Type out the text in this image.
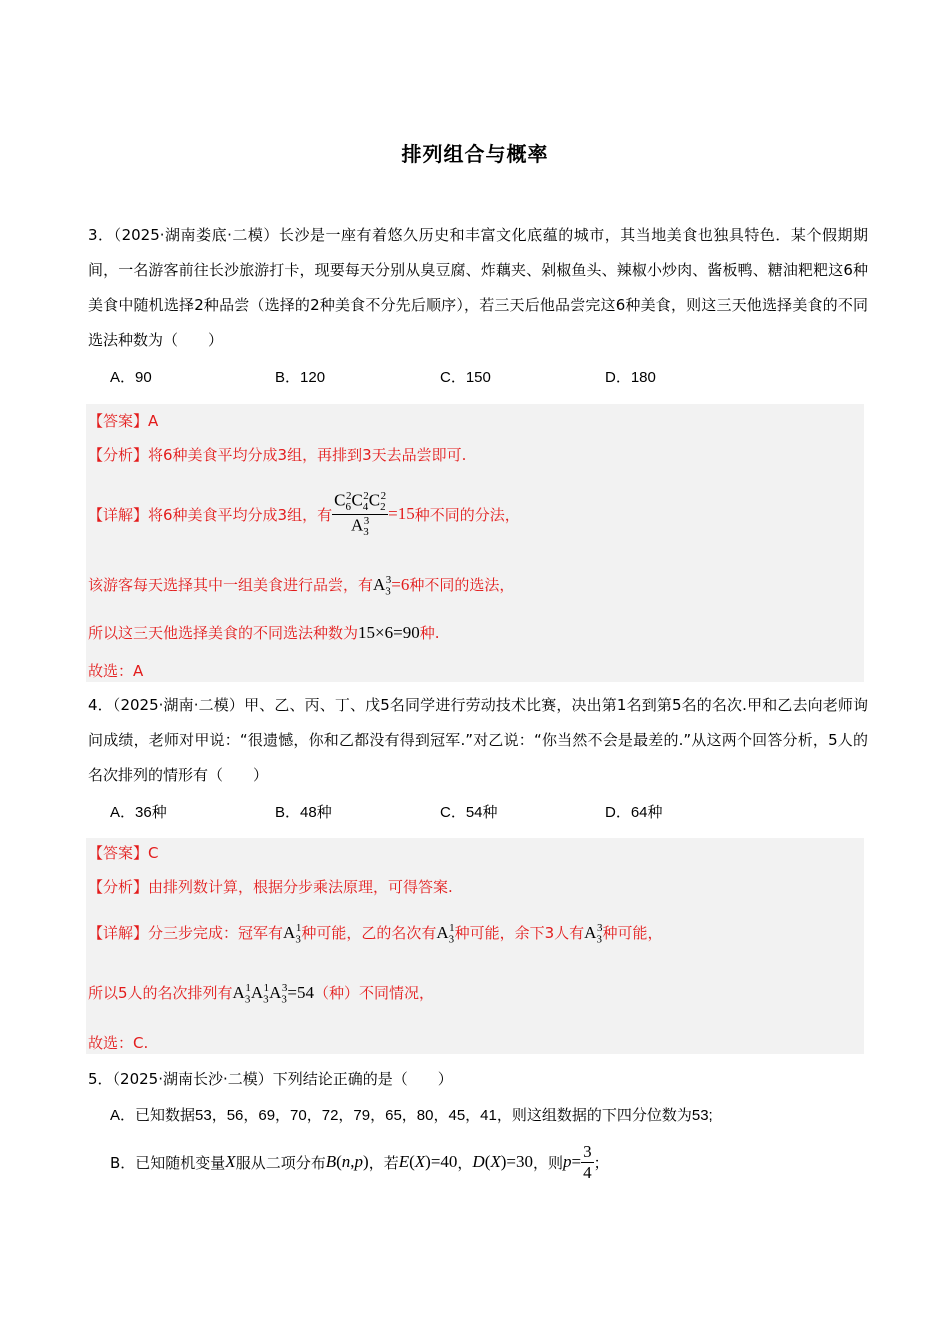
排列组合与概率
3．（2025·湖南娄底·二模）长沙是一座有着悠久历史和丰富文化底蕴的城市，其当地美食也独具特色．某个假期期间，一名游客前往长沙旅游打卡，现要每天分别从臭豆腐、炸藕夹、剁椒鱼头、辣椒小炒肉、酱板鸭、糖油粑粑这6种美食中随机选择2种品尝（选择的2种美食不分先后顺序），若三天后他品尝完这6种美食，则这三天他选择美食的不同选法种数为（　　）
A．90	B．120	C．150	D．180
【答案】A
【分析】将6种美食平均分成3组，再排到3天去品尝即可.
【详解】 将6种美食平均分成3组，有 $\frac{C_6^2C_4^2C_2^2}{A_3^3} =15$ 种不同的分法，
该游客每天选择其中一组美食进行品尝，有$A_3^3=6$种不同的选法，
所以这三天他选择美食的不同选法种数为15×6=90种.
故选：A
4．（2025·湖南·二模）甲、乙、丙、丁、戊5名同学进行劳动技术比赛，决出第1名到第5名的名次.甲和乙去向老师询问成绩，老师对甲说：“很遗憾，你和乙都没有得到冠军.”对乙说：“你当然不会是最差的.”从这两个回答分析，5人的名次排列的情形有（　　）
A．36种	B．48种	C．54种	D．64种
【答案】C
【分析】由排列数计算，根据分步乘法原理，可得答案.
【详解】分三步完成：冠军有$A_3^1$种可能，乙的名次有$A_3^1$种可能，余下3人有$A_3^3$种可能，
所以5人的名次排列有$A_3^1A_3^1A_3^3=54$（种）不同情况，
故选：C.
5．（2025·湖南长沙·二模）下列结论正确的是（　　）
A．已知数据53，56，69，70，72，79，65，80，45，41，则这组数据的下四分位数为53;
B．已知随机变量 X 服从二项分布 B(n,p) ，若 E(X)=40 ， D(X)=30 ，则 $p= \frac{3}{4}$ ；
